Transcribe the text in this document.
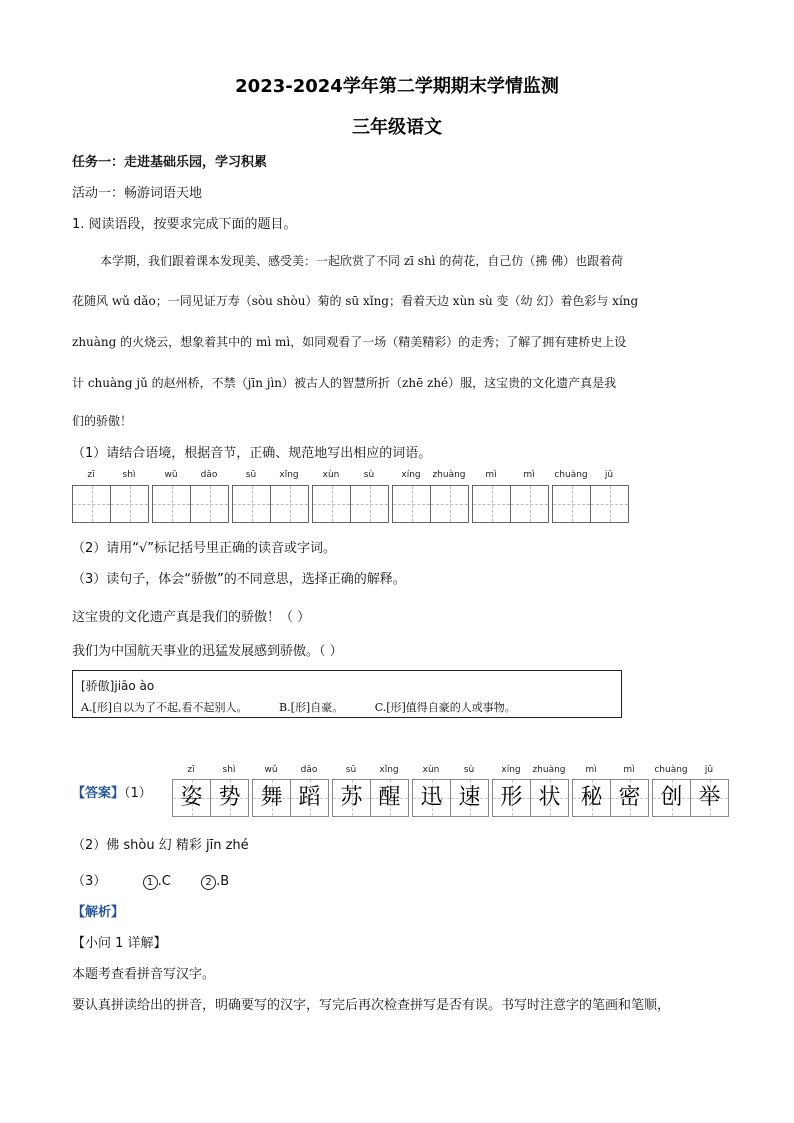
2023-2024学年第二学期期末学情监测
三年级语文
任务一：走进基础乐园，学习积累
活动一：畅游词语天地
1. 阅读语段，按要求完成下面的题目。
本学期，我们跟着课本发现美、感受美：一起欣赏了不同 zī shì 的荷花，自己仿（拂 佛）也跟着荷
花随风 wǔ dǎo；一同见证万寿（sòu shòu）菊的 sū xǐng；看着天边 xùn sù 变（幼 幻）着色彩与 xíng
zhuàng 的火烧云，想象着其中的 mì mì，如同观看了一场（精美精彩）的走秀；了解了拥有建桥史上设
计 chuàng jǔ 的赵州桥，不禁（jīn jìn）被古人的智慧所折（zhē zhé）服，这宝贵的文化遗产真是我
们的骄傲！
（1）请结合语境，根据音节，正确、规范地写出相应的词语。
zī	shì	wǔ	dǎo	sū	xǐng	xùn	sù	xíng	zhuàng	mì	mì	chuàng	jǔ
（2）请用“√”标记括号里正确的读音或字词。
（3）读句子，体会“骄傲”的不同意思，选择正确的解释。
这宝贵的文化遗产真是我们的骄傲！（ ）
我们为中国航天事业的迅猛发展感到骄傲。（ ）
[骄傲]jiāo ào
A.[形]自以为了不起,看不起别人。	B.[形]自豪。	C.[形]值得自豪的人或事物。
【答案】（1）
zī	shì
姿 势
wǔ	dǎo
舞 蹈
sū	xǐng
苏 醒
xùn	sù
迅 速
xíng	zhuàng
形 状
mì	mì
秘 密
chuàng	jǔ
创 举
（2）佛 shòu 幻 精彩 jīn zhé
（3）	1 .C	2 .B
【解析】
【小问 1 详解】
本题考查看拼音写汉字。
要认真拼读给出的拼音，明确要写的汉字，写完后再次检查拼写是否有误。书写时注意字的笔画和笔顺，
